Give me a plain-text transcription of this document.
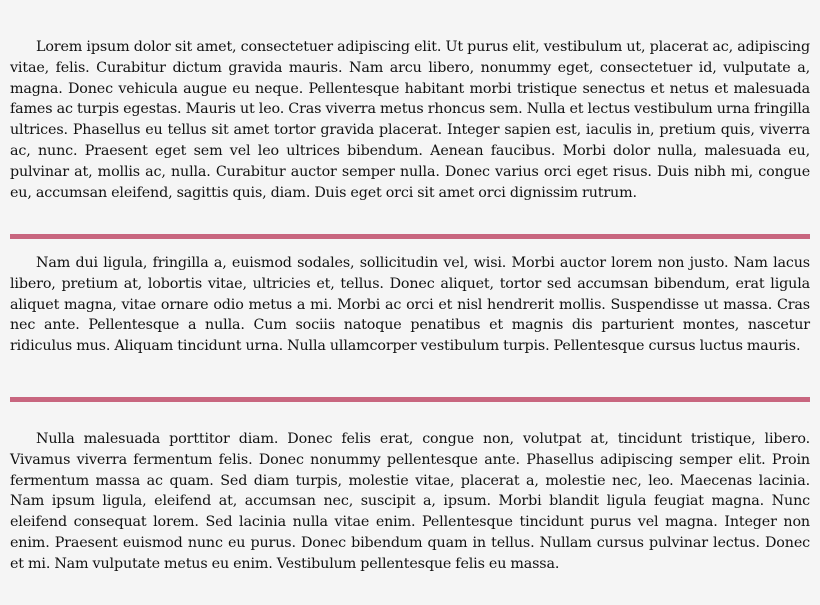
Lorem ipsum dolor sit amet, consectetuer adipiscing elit. Ut purus elit, vestibulum ut, placerat ac, adipiscing vitae, felis. Curabitur dictum gravida mauris. Nam arcu libero, nonummy eget, consectetuer id, vulputate a, magna. Donec vehicula augue eu neque. Pellentesque habitant morbi tristique senectus et netus et malesuada fames ac turpis egestas. Mauris ut leo. Cras viverra metus rhoncus sem. Nulla et lectus vestibulum urna fringilla ultrices. Phasellus eu tellus sit amet tortor gravida placerat. Integer sapien est, iaculis in, pretium quis, viverra ac, nunc. Praesent eget sem vel leo ultrices bibendum. Aenean faucibus. Morbi dolor nulla, malesuada eu, pulvinar at, mollis ac, nulla. Curabitur auctor semper nulla. Donec varius orci eget risus. Duis nibh mi, congue eu, accumsan eleifend, sagittis quis, diam. Duis eget orci sit amet orci dignissim rutrum.

Nam dui ligula, fringilla a, euismod sodales, sollicitudin vel, wisi. Morbi auctor lorem non justo. Nam lacus libero, pretium at, lobortis vitae, ultricies et, tellus. Donec aliquet, tortor sed accumsan bibendum, erat ligula aliquet magna, vitae ornare odio metus a mi. Morbi ac orci et nisl hendrerit mollis. Suspendisse ut massa. Cras nec ante. Pellentesque a nulla. Cum sociis natoque penatibus et magnis dis parturient montes, nascetur ridiculus mus. Aliquam tincidunt urna. Nulla ullamcorper vestibulum turpis. Pellentesque cursus luctus mauris.

Nulla malesuada porttitor diam. Donec felis erat, congue non, volutpat at, tincidunt tristique, libero. Vivamus viverra fermentum felis. Donec nonummy pellentesque ante. Phasellus adipiscing semper elit. Proin fermentum massa ac quam. Sed diam turpis, molestie vitae, placerat a, molestie nec, leo. Maecenas lacinia. Nam ipsum ligula, eleifend at, accumsan nec, suscipit a, ipsum. Morbi blandit ligula feugiat magna. Nunc eleifend consequat lorem. Sed lacinia nulla vitae enim. Pellentesque tincidunt purus vel magna. Integer non enim. Praesent euismod nunc eu purus. Donec bibendum quam in tellus. Nullam cursus pulvinar lectus. Donec et mi. Nam vulputate metus eu enim. Vestibulum pellentesque felis eu massa.
